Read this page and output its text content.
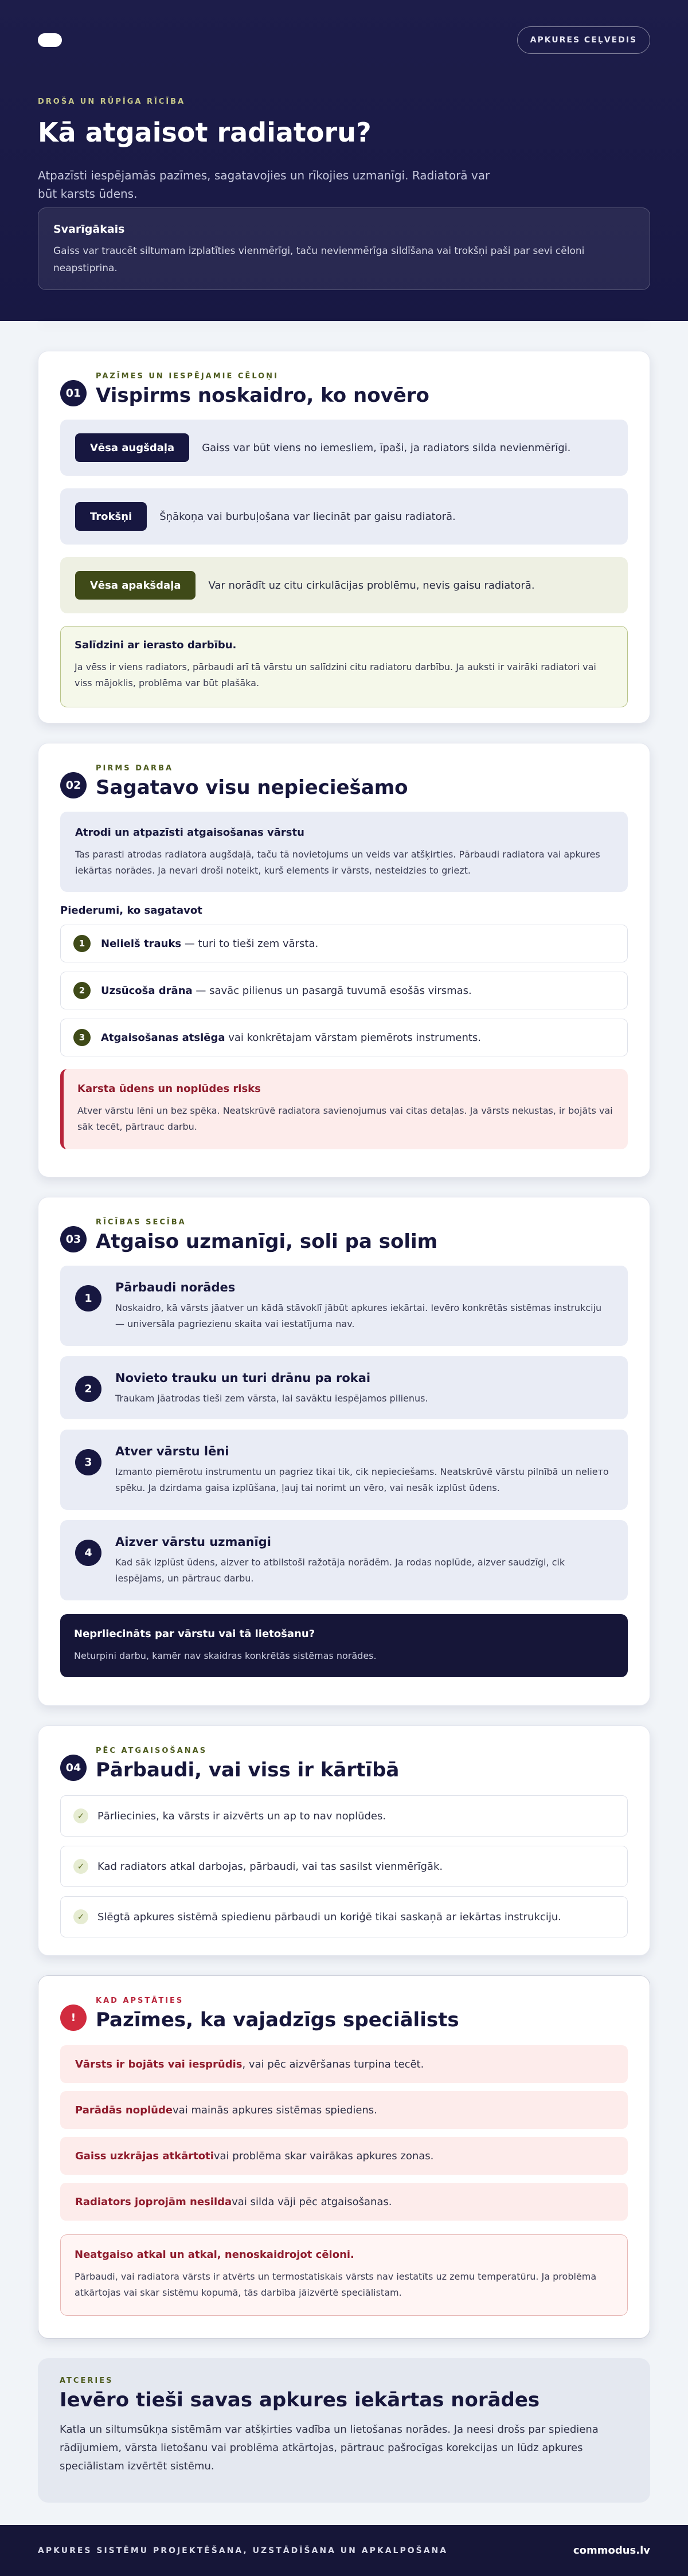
APKURES CEĻVEDIS
DROŠA UN RŪPĪGA RĪCĪBA
Kā atgaisot radiatoru?

Atpazīsti iespējamās pazīmes, sagatavojies un rīkojies uzmanīgi. Radiatorā var būt karsts ūdens.

Svarīgākais
Gaiss var traucēt siltumam izplatīties vienmērīgi, taču nevienmērīga sildīšana vai trokšņi paši par sevi cēloni neapstiprina.
01
PAZĪMES UN IESPĒJAMIE CĒLOŅI
Vispirms noskaidro, ko novēro
Vēsa augšdaļa	Gaiss var būt viens no iemesliem, īpaši, ja radiators silda nevienmērīgi.
Trokšņi	Šņākoņa vai burbuļošana var liecināt par gaisu radiatorā.
Vēsa apakšdaļa	Var norādīt uz citu cirkulācijas problēmu, nevis gaisu radiatorā.
Salīdzini ar ierasto darbību.
Ja vēss ir viens radiators, pārbaudi arī tā vārstu un salīdzini citu radiatoru darbību. Ja auksti ir vairāki radiatori vai viss mājoklis, problēma var būt plašāka.
02
PIRMS DARBA
Sagatavo visu nepieciešamo
Atrodi un atpazīsti atgaisošanas vārstu
Tas parasti atrodas radiatora augšdaļā, taču tā novietojums un veids var atšķirties. Pārbaudi radiatora vai apkures iekārtas norādes. Ja nevari droši noteikt, kurš elements ir vārsts, nesteidzies to griezt.
Piederumi, ko sagatavot
1	Nelielš trauks — turi to tieši zem vārsta.
2	Uzsūcoša drāna — savāc pilienus un pasargā tuvumā esošās virsmas.
3	Atgaisošanas atslēga vai konkrētajam vārstam piemērots instruments.
Karsta ūdens un noplūdes risks
Atver vārstu lēni un bez spēka. Neatskrūvē radiatora savienojumus vai citas detaļas. Ja vārsts nekustas, ir bojāts vai sāk tecēt, pārtrauc darbu.
03
RĪCĪBAS SECĪBA
Atgaiso uzmanīgi, soli pa solim
1
Pārbaudi norādes
Noskaidro, kā vārsts jāatver un kādā stāvoklī jābūt apkures iekārtai. Ievēro konkrētās sistēmas instrukciju — universāla pagriezienu skaita vai iestatījuma nav.
2
Novieto trauku un turi drānu pa rokai
Traukam jāatrodas tieši zem vārsta, lai savāktu iespējamos pilienus.
3
Atver vārstu lēni
Izmanto piemērotu instrumentu un pagriez tikai tik, cik nepieciešams. Neatskrūvē vārstu pilnībā un neliето spēku. Ja dzirdama gaisa izplūšana, ļauj tai norimt un vēro, vai nesāk izplūst ūdens.
4
Aizver vārstu uzmanīgi
Kad sāk izplūst ūdens, aizver to atbilstoši ražotāja norādēm. Ja rodas noplūde, aizver saudzīgi, cik iespējams, un pārtrauc darbu.
Neprliecināts par vārstu vai tā lietošanu?
Neturpini darbu, kamēr nav skaidras konkrētās sistēmas norādes.
04
PĒC ATGAISOŠANAS
Pārbaudi, vai viss ir kārtībā
✓	Pārliecinies, ka vārsts ir aizvērts un ap to nav noplūdes.
✓	Kad radiators atkal darbojas, pārbaudi, vai tas sasilst vienmērīgāk.
✓	Slēgtā apkures sistēmā spiedienu pārbaudi un koriģē tikai saskaņā ar iekārtas instrukciju.
!
KAD APSTĀTIES
Pazīmes, ka vajadzīgs speciālists
Vārsts ir bojāts vai iesprūdis , vai pēc aizvēršanas turpina tecēt.
Parādās noplūde vai mainās apkures sistēmas spiediens.
Gaiss uzkrājas atkārtoti vai problēma skar vairākas apkures zonas.
Radiators joprojām nesilda vai silda vāji pēc atgaisošanas.
Neatgaiso atkal un atkal, nenoskaidrojot cēloni.
Pārbaudi, vai radiatora vārsts ir atvērts un termostatiskais vārsts nav iestatīts uz zemu temperatūru. Ja problēma atkārtojas vai skar sistēmu kopumā, tās darbība jāizvērtē speciālistam.
ATCERIES
Ievēro tieši savas apkures iekārtas norādes

Katla un siltumsūkņa sistēmām var atšķirties vadība un lietošanas norādes. Ja neesi drošs par spiediena rādījumiem, vārsta lietošanu vai problēma atkārtojas, pārtrauc pašrocīgas korekcijas un lūdz apkures speciālistam izvērtēt sistēmu.

APKURES SISTĒMU PROJEKTĒŠANA, UZSTĀDĪŠANA UN APKALPOŠANA	commodus.lv
